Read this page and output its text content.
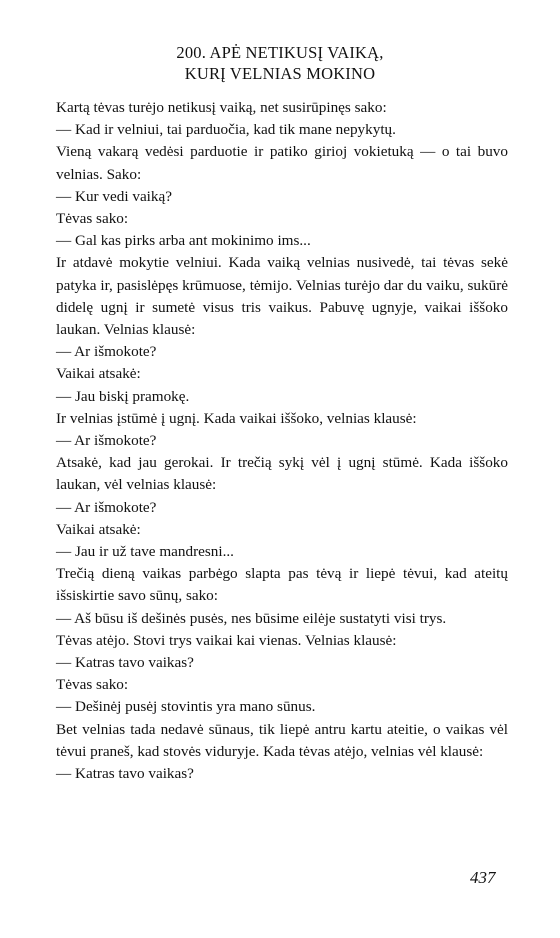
200. APĖ NETIKUSĮ VAIKĄ,
KURĮ VELNIAS MOKINO

Kartą tėvas turėjo netikusį vaiką, net susirūpinęs sako:

— Kad ir velniui, tai parduočia, kad tik mane nepykytų.

Vieną vakarą vedėsi parduotie ir patiko girioj vokietuką — o tai buvo velnias. Sako:

— Kur vedi vaiką?

Tėvas sako:

— Gal kas pirks arba ant mokinimo ims...

Ir atdavė mokytie velniui. Kada vaiką velnias nusivedė, tai tėvas sekė patyka ir, pasislėpęs krūmuose, tėmijo. Velnias turėjo dar du vaiku, sukūrė didelę ugnį ir sumetė visus tris vaikus. Pabuvę ugnyje, vaikai iššoko laukan. Velnias klausė:

— Ar išmokote?

Vaikai atsakė:

— Jau biskį pramokę.

Ir velnias įstūmė į ugnį. Kada vaikai iššoko, velnias klausė:

— Ar išmokote?

Atsakė, kad jau gerokai. Ir trečią sykį vėl į ugnį stūmė. Kada iššoko laukan, vėl velnias klausė:

— Ar išmokote?

Vaikai atsakė:

— Jau ir už tave mandresni...

Trečią dieną vaikas parbėgo slapta pas tėvą ir liepė tėvui, kad ateitų išsiskirtie savo sūnų, sako:

— Aš būsu iš dešinės pusės, nes būsime eilėje sustatyti visi trys.

Tėvas atėjo. Stovi trys vaikai kai vienas. Velnias klausė:

— Katras tavo vaikas?

Tėvas sako:

— Dešinėj pusėj stovintis yra mano sūnus.

Bet velnias tada nedavė sūnaus, tik liepė antru kartu ateitie, o vaikas vėl tėvui praneš, kad stovės viduryje. Kada tėvas atėjo, velnias vėl klausė:

— Katras tavo vaikas?

437
